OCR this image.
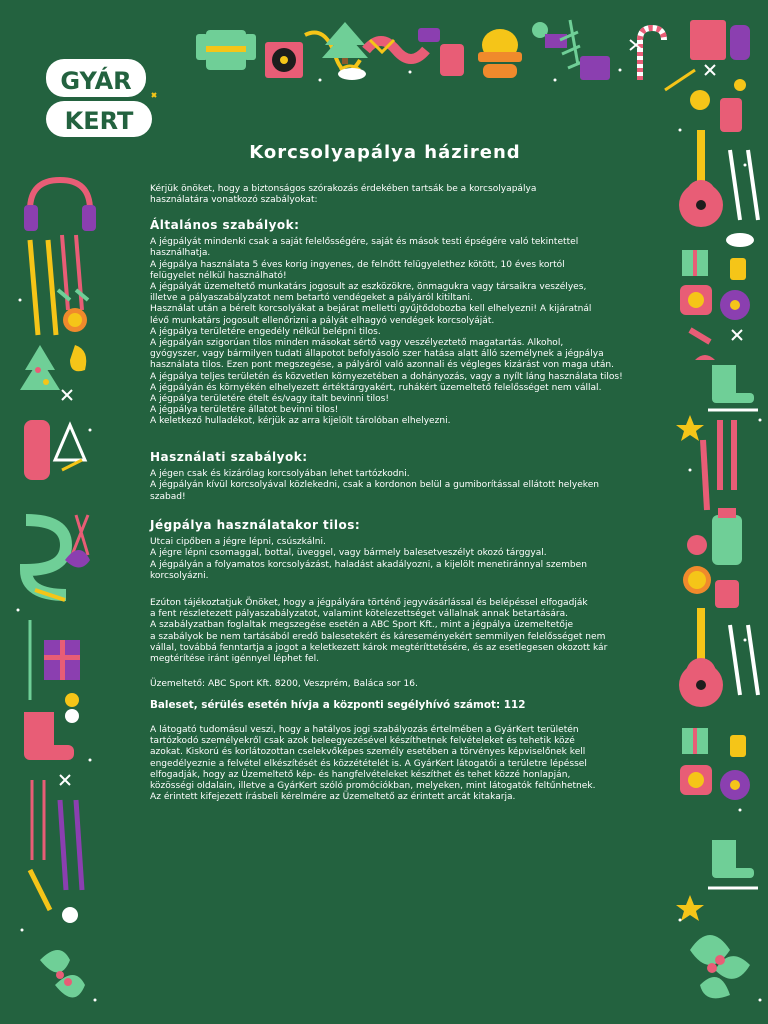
GYÁR
KERT
Korcsolyapálya házirend
Kérjük önöket, hogy a biztonságos szórakozás érdekében tartsák be a korcsolyapálya
használatára vonatkozó szabályokat:
Általános szabályok:
A jégpályát mindenki csak a saját felelősségére, saját és mások testi épségére való tekintettel
használhatja.
A jégpálya használata 5 éves korig ingyenes, de felnőtt felügyelethez kötött, 10 éves kortól
felügyelet nélkül használható!
A jégpályát üzemeltető munkatárs jogosult az eszközökre, önmagukra vagy társaikra veszélyes,
illetve a pályaszabályzatot nem betartó vendégeket a pályáról kitiltani.
Használat után a bérelt korcsolyákat a bejárat melletti gyűjtődobozba kell elhelyezni! A kijáratnál
lévő munkatárs jogosult ellenőrizni a pályát elhagyó vendégek korcsolyáját.
A jégpálya területére engedély nélkül belépni tilos.
A jégpályán szigorúan tilos minden másokat sértő vagy veszélyeztető magatartás. Alkohol,
gyógyszer, vagy bármilyen tudati állapotot befolyásoló szer hatása alatt álló személynek a jégpálya
használata tilos. Ezen pont megszegése, a pályáról való azonnali és végleges kizárást von maga után.
A jégpálya teljes területén és közvetlen környezetében a dohányozás, vagy a nyílt láng használata tilos!
A jégpályán és környékén elhelyezett értéktárgyakért, ruhákért üzemeltető felelősséget nem vállal.
A jégpálya területére ételt és/vagy italt bevinni tilos!
A jégpálya területére állatot bevinni tilos!
A keletkező hulladékot, kérjük az arra kijelölt tárolóban elhelyezni.
Használati szabályok:
A jégen csak és kizárólag korcsolyában lehet tartózkodni.
A jégpályán kívül korcsolyával közlekedni, csak a kordonon belül a gumiborítással ellátott helyeken
szabad!
Jégpálya használatakor tilos:
Utcai cipőben a jégre lépni, csúszkálni.
A jégre lépni csomaggal, bottal, üveggel, vagy bármely balesetveszélyt okozó tárggyal.
A jégpályán a folyamatos korcsolyázást, haladást akadályozni, a kijelölt menetiránnyal szemben
korcsolyázni.
Ezúton tájékoztatjuk Önöket, hogy a jégpályára történő jegyvásárlással és belépéssel elfogadják
a fent részletezett pályaszabályzatot, valamint kötelezettséget vállalnak annak betartására.
A szabályzatban foglaltak megszegése esetén a ABC Sport Kft., mint a jégpálya üzemeltetője
a szabályok be nem tartásából eredő balesetekért és káreseményekért semmilyen felelősséget nem
vállal, továbbá fenntartja a jogot a keletkezett károk megtéríttetésére, és az esetlegesen okozott kár
megtérítése iránt igénnyel léphet fel.
Üzemeltető: ABC Sport Kft. 8200, Veszprém, Baláca sor 16.
Baleset, sérülés esetén hívja a központi segélyhívó számot: 112
A látogató tudomásul veszi, hogy a hatályos jogi szabályozás értelmében a GyárKert területén
tartózkodó személyekről csak azok beleegyezésével készíthetnek felvételeket és tehetik közé
azokat. Kiskorú és korlátozottan cselekvőképes személy esetében a törvényes képviselőnek kell
engedélyeznie a felvétel elkészítését és közzétételét is. A GyárKert látogatói a területre lépéssel
elfogadják, hogy az Üzemeltető kép- és hangfelvételeket készíthet és tehet közzé honlapján,
közösségi oldalain, illetve a GyárKert szóló promóciókban, melyeken, mint látogatók feltűnhetnek.
Az érintett kifejezett írásbeli kérelmére az Üzemeltető az érintett arcát kitakarja.
